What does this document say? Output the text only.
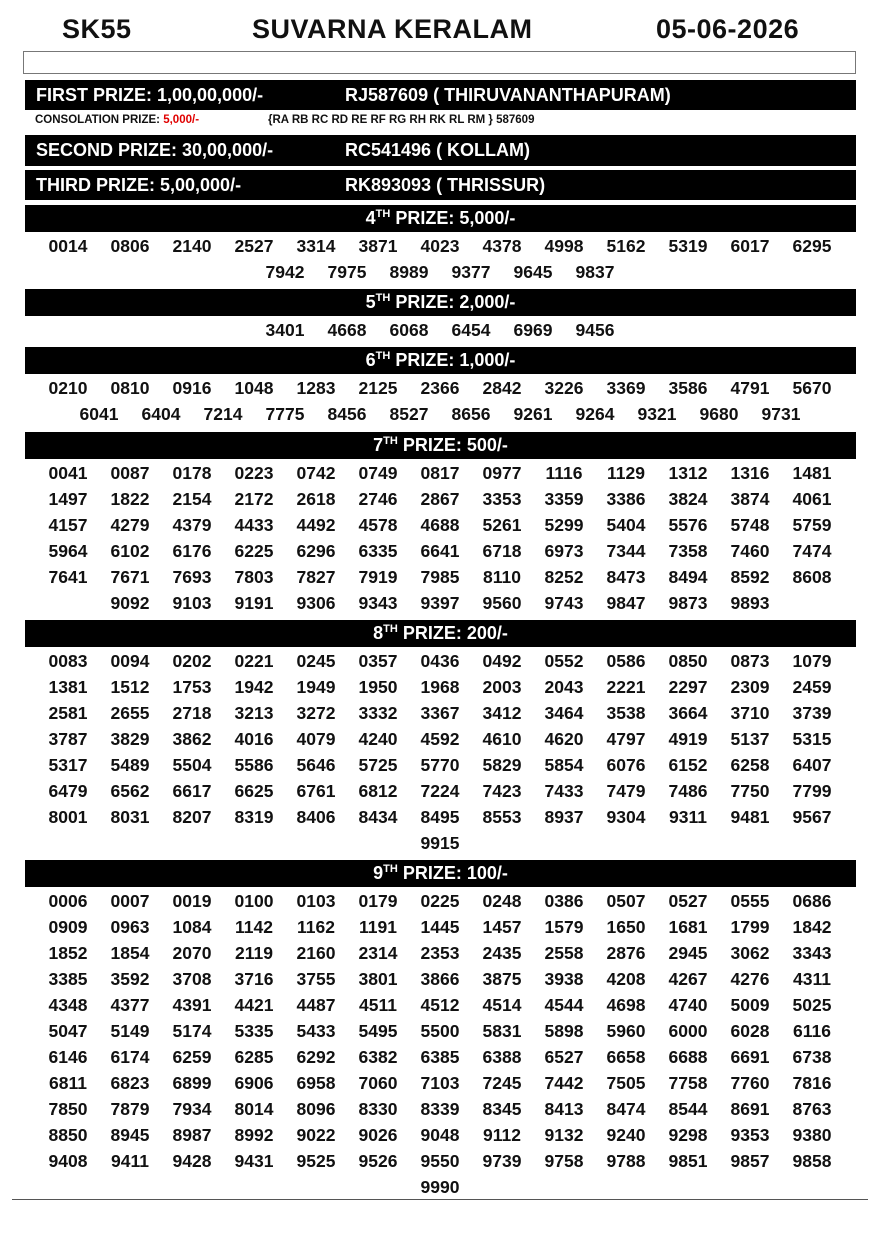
SK55	SUVARNA KERALAM	05-06-2026
FIRST PRIZE: 1,00,00,000/-	RJ587609 ( THIRUVANANTHAPURAM)
CONSOLATION PRIZE: 5,000/-	{RA RB RC RD RE RF RG RH RK RL RM } 587609
SECOND PRIZE: 30,00,000/-	RC541496 ( KOLLAM)
THIRD PRIZE: 5,00,000/-	RK893093 ( THRISSUR)
4TH PRIZE: 5,000/-
0014	0806	2140	2527	3314	3871	4023	4378	4998	5162	5319	6017	6295
7942	7975	8989	9377	9645	9837
5TH PRIZE: 2,000/-
3401	4668	6068	6454	6969	9456
6TH PRIZE: 1,000/-
0210	0810	0916	1048	1283	2125	2366	2842	3226	3369	3586	4791	5670
6041	6404	7214	7775	8456	8527	8656	9261	9264	9321	9680	9731
7TH PRIZE: 500/-
0041	0087	0178	0223	0742	0749	0817	0977	1116	1129	1312	1316	1481
1497	1822	2154	2172	2618	2746	2867	3353	3359	3386	3824	3874	4061
4157	4279	4379	4433	4492	4578	4688	5261	5299	5404	5576	5748	5759
5964	6102	6176	6225	6296	6335	6641	6718	6973	7344	7358	7460	7474
7641	7671	7693	7803	7827	7919	7985	8110	8252	8473	8494	8592	8608
9092	9103	9191	9306	9343	9397	9560	9743	9847	9873	9893
8TH PRIZE: 200/-
0083	0094	0202	0221	0245	0357	0436	0492	0552	0586	0850	0873	1079
1381	1512	1753	1942	1949	1950	1968	2003	2043	2221	2297	2309	2459
2581	2655	2718	3213	3272	3332	3367	3412	3464	3538	3664	3710	3739
3787	3829	3862	4016	4079	4240	4592	4610	4620	4797	4919	5137	5315
5317	5489	5504	5586	5646	5725	5770	5829	5854	6076	6152	6258	6407
6479	6562	6617	6625	6761	6812	7224	7423	7433	7479	7486	7750	7799
8001	8031	8207	8319	8406	8434	8495	8553	8937	9304	9311	9481	9567
9915
9TH PRIZE: 100/-
0006	0007	0019	0100	0103	0179	0225	0248	0386	0507	0527	0555	0686
0909	0963	1084	1142	1162	1191	1445	1457	1579	1650	1681	1799	1842
1852	1854	2070	2119	2160	2314	2353	2435	2558	2876	2945	3062	3343
3385	3592	3708	3716	3755	3801	3866	3875	3938	4208	4267	4276	4311
4348	4377	4391	4421	4487	4511	4512	4514	4544	4698	4740	5009	5025
5047	5149	5174	5335	5433	5495	5500	5831	5898	5960	6000	6028	6116
6146	6174	6259	6285	6292	6382	6385	6388	6527	6658	6688	6691	6738
6811	6823	6899	6906	6958	7060	7103	7245	7442	7505	7758	7760	7816
7850	7879	7934	8014	8096	8330	8339	8345	8413	8474	8544	8691	8763
8850	8945	8987	8992	9022	9026	9048	9112	9132	9240	9298	9353	9380
9408	9411	9428	9431	9525	9526	9550	9739	9758	9788	9851	9857	9858
9990
